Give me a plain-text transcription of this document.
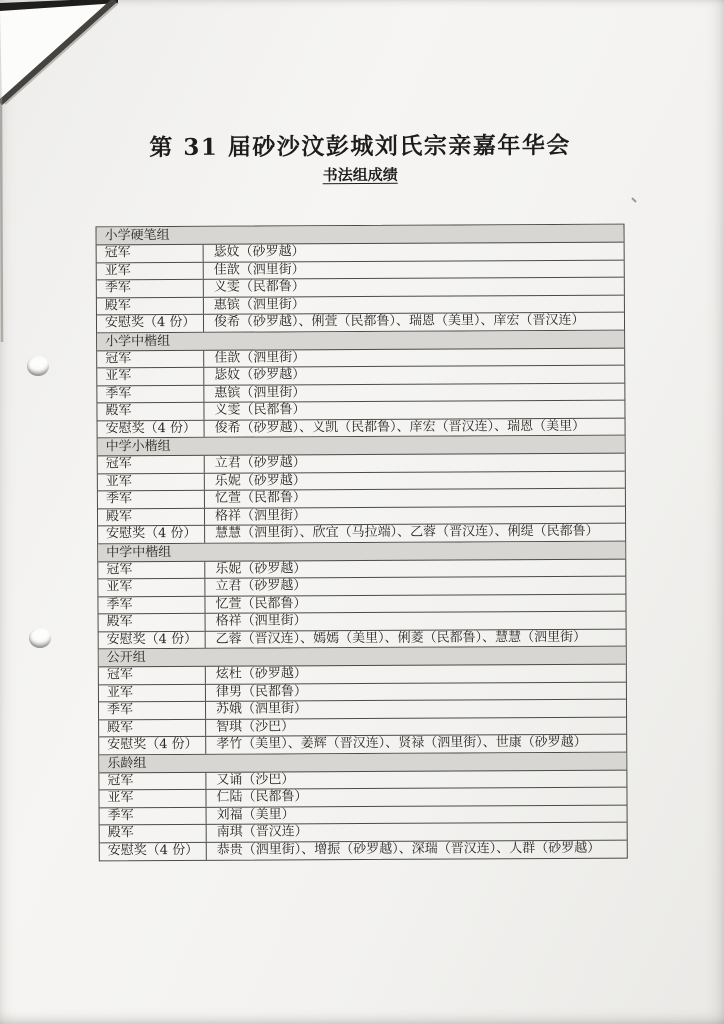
第 31 届砂沙汶彭城刘氏宗亲嘉年华会
书法组成绩
小学硬笔组
冠军	毖妏（砂罗越）
亚军	佳歆（泗里街）
季军	义雯（民都鲁）
殿军	惠镔（泗里街）
安慰奖（4 份）	俊希（砂罗越）、俐萱（民都鲁）、瑞恩（美里）、庠宏（晋汉连）
小学中楷组
冠军	佳歆（泗里街）
亚军	毖妏（砂罗越）
季军	惠镔（泗里街）
殿军	义雯（民都鲁）
安慰奖（4 份）	俊希（砂罗越）、义凯（民都鲁）、庠宏（晋汉连）、瑞恩（美里）
中学小楷组
冠军	立君（砂罗越）
亚军	乐妮（砂罗越）
季军	忆萱（民都鲁）
殿军	格祥（泗里街）
安慰奖（4 份）	慧慧（泗里街）、欣宜（马拉端）、乙蓉（晋汉连）、俐缇（民都鲁）
中学中楷组
冠军	乐妮（砂罗越）
亚军	立君（砂罗越）
季军	忆萱（民都鲁）
殿军	格祥（泗里街）
安慰奖（4 份）	乙蓉（晋汉连）、嫣嫣（美里）、俐菱（民都鲁）、慧慧（泗里街）
公开组
冠军	炫杜（砂罗越）
亚军	律男（民都鲁）
季军	苏娥（泗里街）
殿军	智琪（沙巴）
安慰奖（4 份）	孝竹（美里）、姜辉（晋汉连）、贤禄（泗里街）、世康（砂罗越）
乐龄组
冠军	又诵（沙巴）
亚军	仁陆（民都鲁）
季军	刘福（美里）
殿军	南琪（晋汉连）
安慰奖（4 份）	恭贵（泗里街）、增振（砂罗越）、深瑞（晋汉连）、人群（砂罗越）
